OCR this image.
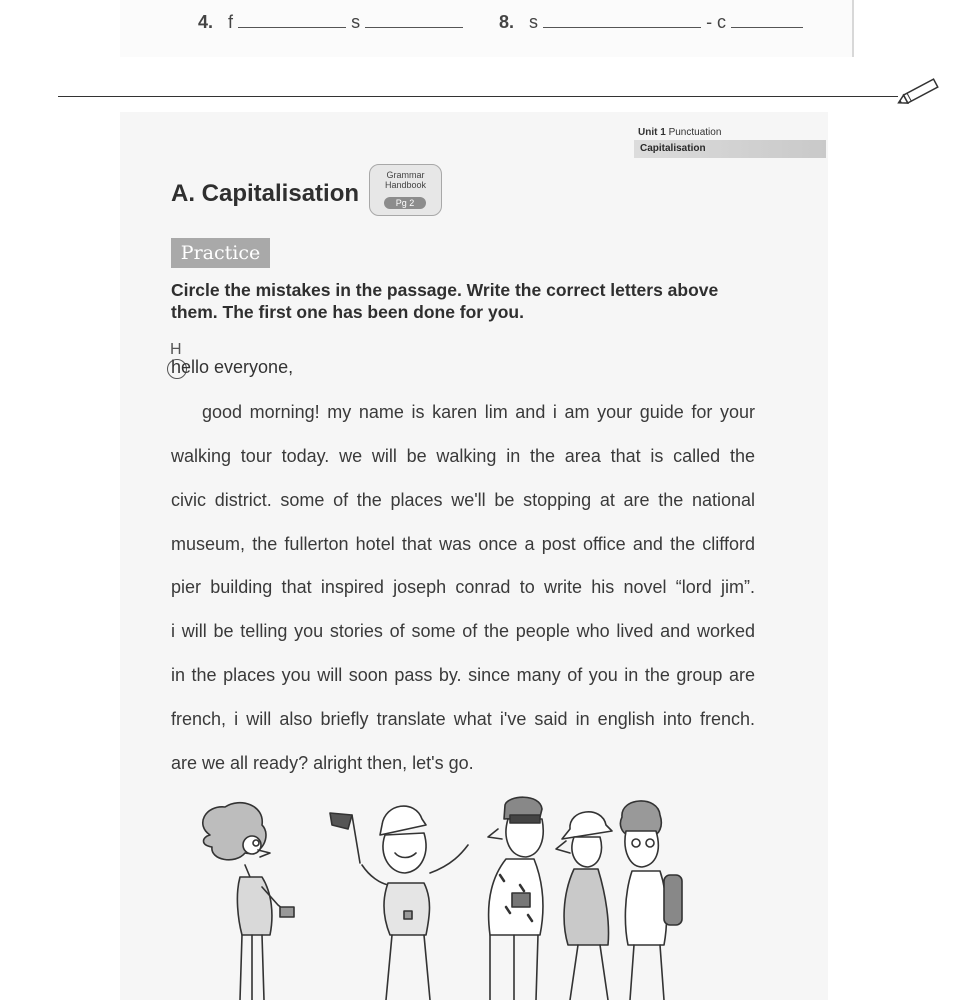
4. f	s	8. s	- c
Unit 1 Punctuation
Capitalisation
A. Capitalisation
Grammar
Handbook
Pg 2
Practice
Circle the mistakes in the passage. Write the correct letters above them. The first one has been done for you.
H
hello everyone,
good morning! my name is karen lim and i am your guide for your
walking tour today. we will be walking in the area that is called the
civic district. some of the places we'll be stopping at are the national
museum, the fullerton hotel that was once a post office and the clifford
pier building that inspired joseph conrad to write his novel “lord jim”.
i will be telling you stories of some of the people who lived and worked
in the places you will soon pass by. since many of you in the group are
french, i will also briefly translate what i've said in english into french.
are we all ready? alright then, let's go.
